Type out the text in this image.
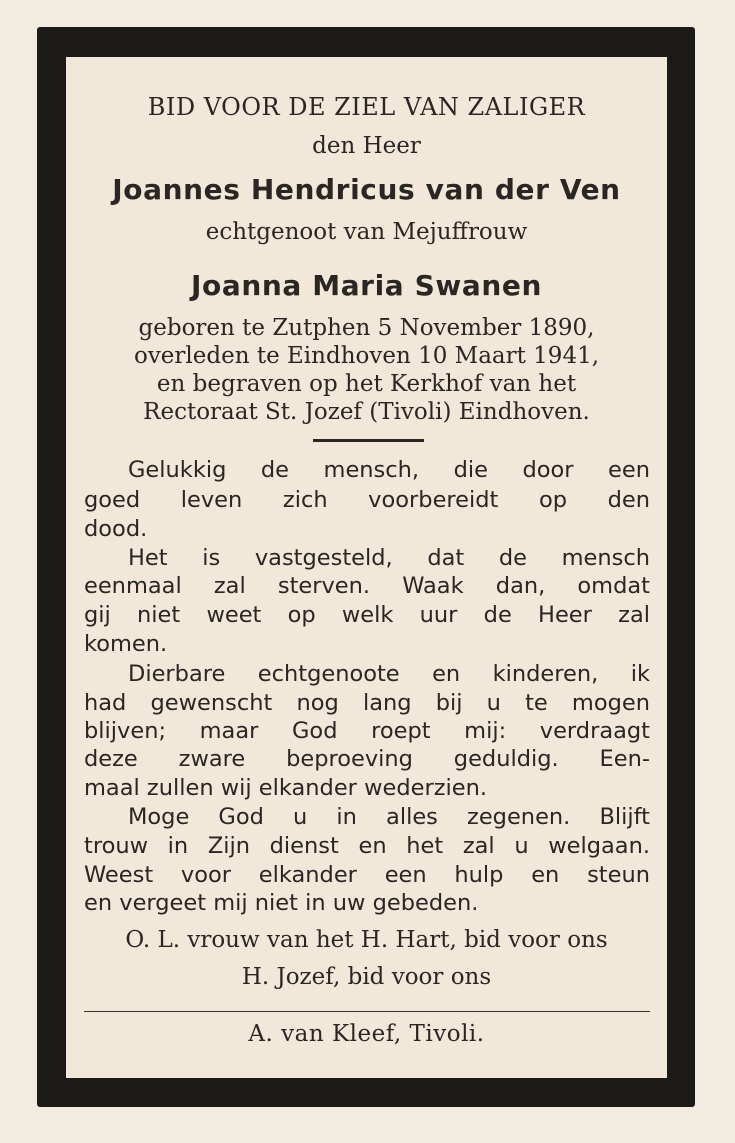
BID VOOR DE ZIEL VAN ZALIGER
den Heer
Joannes Hendricus van der Ven
echtgenoot van Mejuffrouw
Joanna Maria Swanen
geboren te Zutphen 5 November 1890,
overleden te Eindhoven 10 Maart 1941,
en begraven op het Kerkhof van het
Rectoraat St. Jozef (Tivoli) Eindhoven.
Gelukkig de mensch, die door een
goed leven zich voorbereidt op den
dood.
Het is vastgesteld, dat de mensch
eenmaal zal sterven. Waak dan, omdat
gij niet weet op welk uur de Heer zal
komen.
Dierbare echtgenoote en kinderen, ik
had gewenscht nog lang bij u te mogen
blijven; maar God roept mij: verdraagt
deze zware beproeving geduldig. Een-
maal zullen wij elkander wederzien.
Moge God u in alles zegenen. Blijft
trouw in Zijn dienst en het zal u welgaan.
Weest voor elkander een hulp en steun
en vergeet mij niet in uw gebeden.
O. L. vrouw van het H. Hart, bid voor ons
H. Jozef, bid voor ons
A. van Kleef, Tivoli.
